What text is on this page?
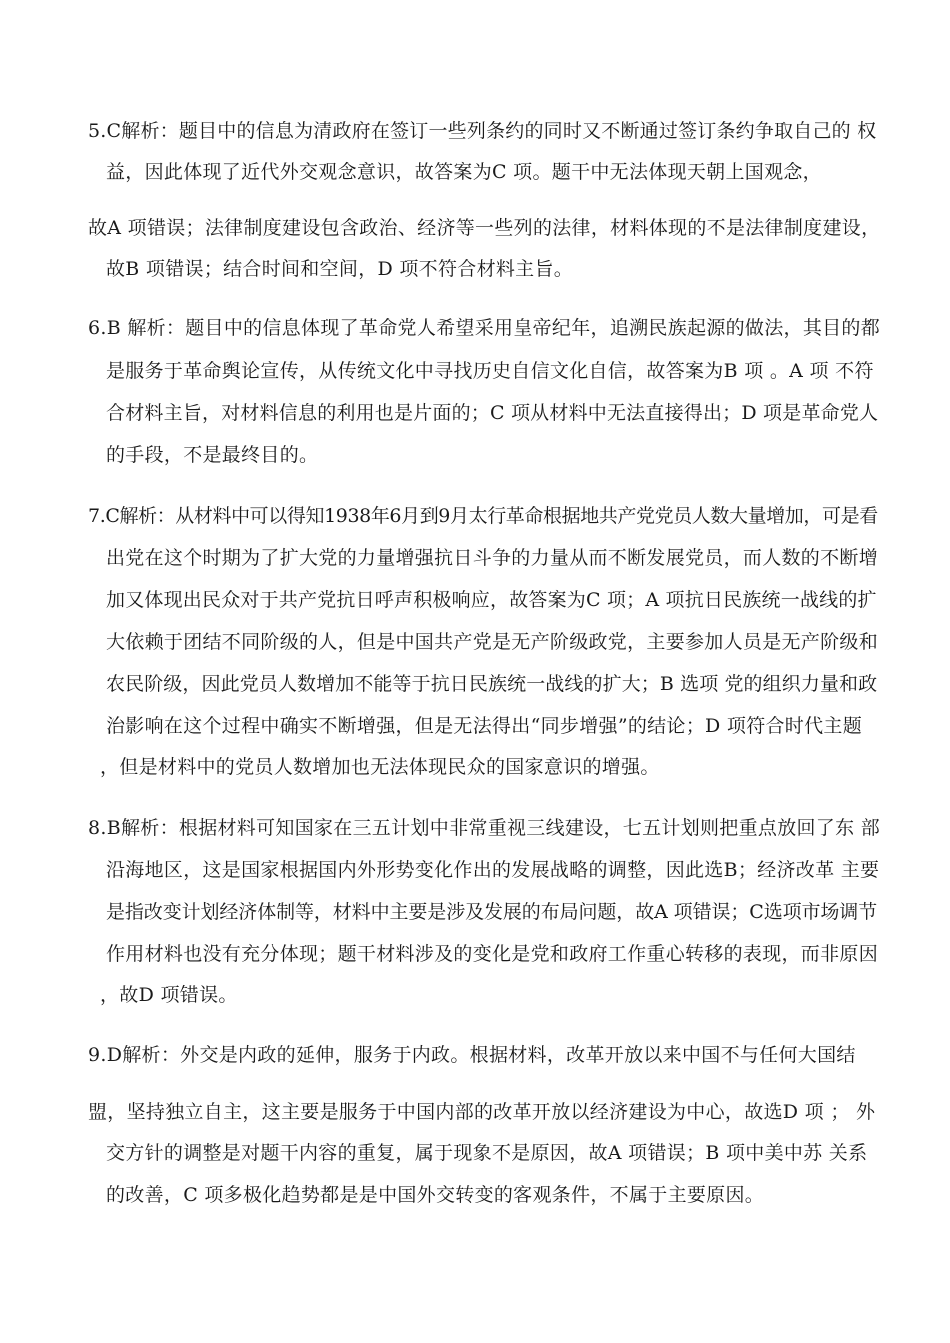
5.C解析：题目中的信息为清政府在签订一些列条约的同时又不断通过签订条约争取自己的 权
益，因此体现了近代外交观念意识，故答案为C 项。题干中无法体现天朝上国观念，
故A 项错误；法律制度建设包含政治、经济等一些列的法律，材料体现的不是法律制度建设，
故B 项错误；结合时间和空间，D 项不符合材料主旨。
6.B 解析：题目中的信息体现了革命党人希望采用皇帝纪年，追溯民族起源的做法，其目的都
是服务于革命舆论宣传，从传统文化中寻找历史自信文化自信，故答案为B 项 。A 项 不符
合材料主旨，对材料信息的利用也是片面的；C 项从材料中无法直接得出；D 项是革命党人
的手段，不是最终目的。
7.C解析：从材料中可以得知1938年6月到9月太行革命根据地共产党党员人数大量增加，可是看
出党在这个时期为了扩大党的力量增强抗日斗争的力量从而不断发展党员，而人数的不断增
加又体现出民众对于共产党抗日呼声积极响应，故答案为C 项；A 项抗日民族统一战线的扩
大依赖于团结不同阶级的人，但是中国共产党是无产阶级政党，主要参加人员是无产阶级和
农民阶级，因此党员人数增加不能等于抗日民族统一战线的扩大；B 选项 党的组织力量和政
治影响在这个过程中确实不断增强，但是无法得出“同步增强”的结论；D 项符合时代主题
，但是材料中的党员人数增加也无法体现民众的国家意识的增强。
8.B解析：根据材料可知国家在三五计划中非常重视三线建设，七五计划则把重点放回了东 部
沿海地区，这是国家根据国内外形势变化作出的发展战略的调整，因此选B；经济改革 主要
是指改变计划经济体制等，材料中主要是涉及发展的布局问题，故A 项错误；C选项市场调节
作用材料也没有充分体现；题干材料涉及的变化是党和政府工作重心转移的表现，而非原因
，故D 项错误。
9.D解析：外交是内政的延伸，服务于内政。根据材料，改革开放以来中国不与任何大国结
盟，坚持独立自主，这主要是服务于中国内部的改革开放以经济建设为中心，故选D 项 ； 外
交方针的调整是对题干内容的重复，属于现象不是原因，故A 项错误；B 项中美中苏 关系
的改善，C 项多极化趋势都是是中国外交转变的客观条件，不属于主要原因。
